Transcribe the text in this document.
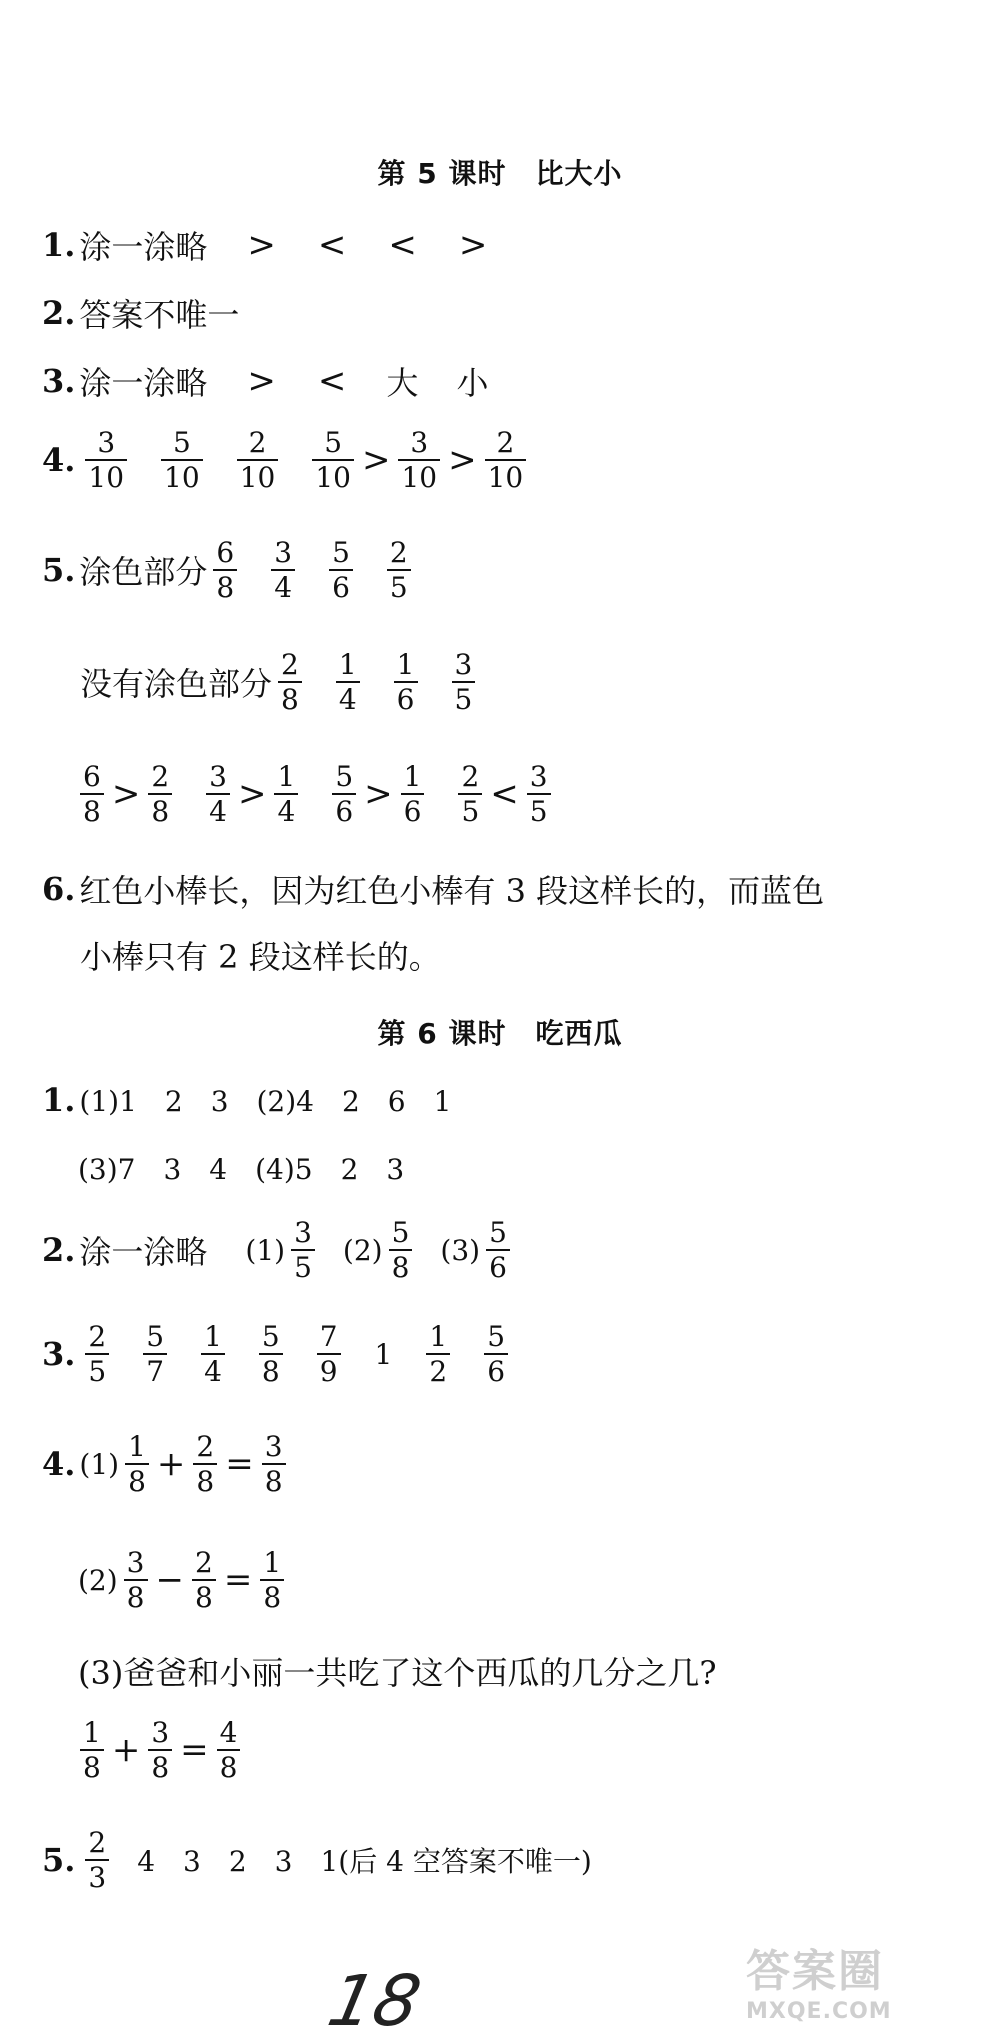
第 5 课时　比大小
1. 涂一涂略 > < < >
2. 答案不唯一
3. 涂一涂略 > < 大 小
4. $\frac{3}{10} \frac{5}{10} \frac{2}{10} \frac{5}{10} > \frac{3}{10} > \frac{2}{10}$
5. 涂色部分 $\frac{6}{8} \frac{3}{4} \frac{5}{6} \frac{2}{5}$
没有涂色部分 $\frac{2}{8} \frac{1}{4} \frac{1}{6} \frac{3}{5}$
$\frac{6}{8} > \frac{2}{8} \frac{3}{4} > \frac{1}{4} \frac{5}{6} > \frac{1}{6} \frac{2}{5} < \frac{3}{5}$
6. 红色小棒长，因为红色小棒有 3 段这样长的，而蓝色
小棒只有 2 段这样长的。
第 6 课时　吃西瓜
1. (1)1　2　3　(2)4　2　6　1
(3)7　3　4　(4)5　2　3
2. 涂一涂略 $(1) \frac{3}{5} (2) \frac{5}{8} (3) \frac{5}{6}$
3. $\frac{2}{5} \frac{5}{7} \frac{1}{4} \frac{5}{8} \frac{7}{9} 1 \frac{1}{2} \frac{5}{6}$
4. $(1) \frac{1}{8} + \frac{2}{8} = \frac{3}{8}$
$(2) \frac{3}{8} - \frac{2}{8} = \frac{1}{8}$
(3)爸爸和小丽一共吃了这个西瓜的几分之几?
$\frac{1}{8} + \frac{3}{8} = \frac{4}{8}$
5. $\frac{2}{3} 4$　3　2　3　1(后 4 空答案不唯一)
18	答案圈
MXQE.COM
